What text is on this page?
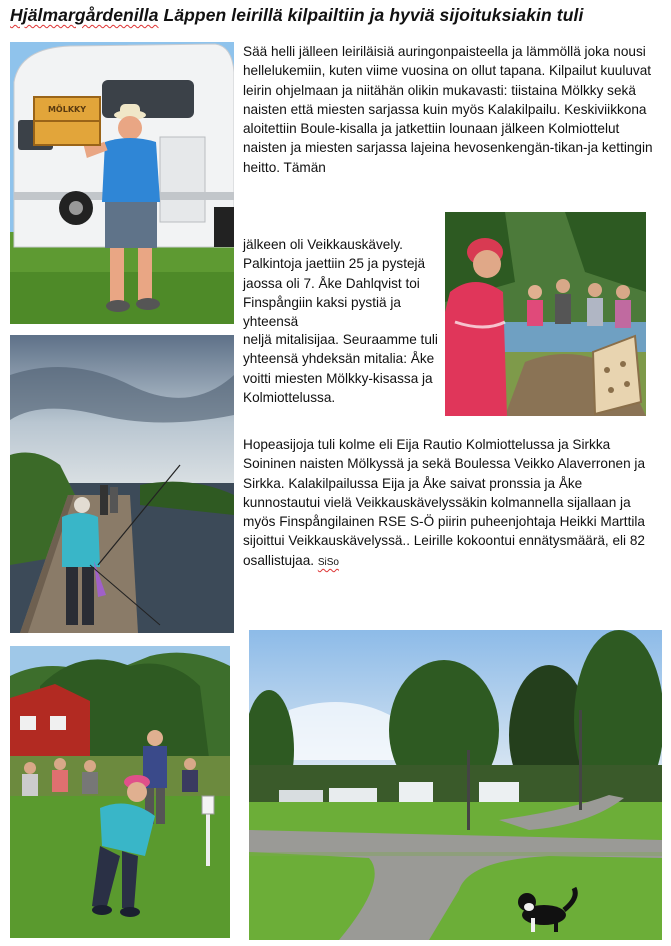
Hjälmargårdenilla Läppen leirillä kilpailtiin ja hyviä sijoituksiakin tuli
MÖLKKY

Sää helli jälleen leiriläisiä auringonpaisteella ja lämmöllä joka nousi hellelukemiin, kuten viime vuosina on ollut tapana. Kilpailut kuuluvat leirin ohjelmaan ja niitähän olikin mukavasti: tiistaina Mölkky sekä naisten että miesten sarjassa kuin myös Kalakilpailu. Keskiviikkona aloitettiin Boule-kisalla ja jatkettiin lounaan jälkeen Kolmiottelut naisten ja miesten sarjassa lajeina hevosenkengän-tikan-ja kettingin heitto. Tämän

jälkeen oli Veikkauskävely. Palkintoja jaettiin 25 ja pystejä jaossa oli 7. Åke Dahlqvist toi Finspångiin kaksi pystiä ja yhteensä

neljä mitalisijaa. Seuraamme tuli yhteensä yhdeksän mitalia: Åke voitti miesten Mölkky-kisassa ja Kolmiottelussa.

Hopeasijoja tuli kolme eli Eija Rautio Kolmiottelussa ja Sirkka Soininen naisten Mölkyssä ja sekä Boulessa Veikko Alaverronen ja Sirkka. Kalakilpailussa Eija ja Åke saivat pronssia ja Åke kunnostautui vielä Veikkauskävelyssäkin kolmannella sijallaan ja myös Finspångilainen RSE S-Ö piirin puheenjohtaja Heikki Marttila sijoittui Veikkauskävelyssä.. Leirille kokoontui ennätysmäärä, eli 82 osallistujaa. SiSo
